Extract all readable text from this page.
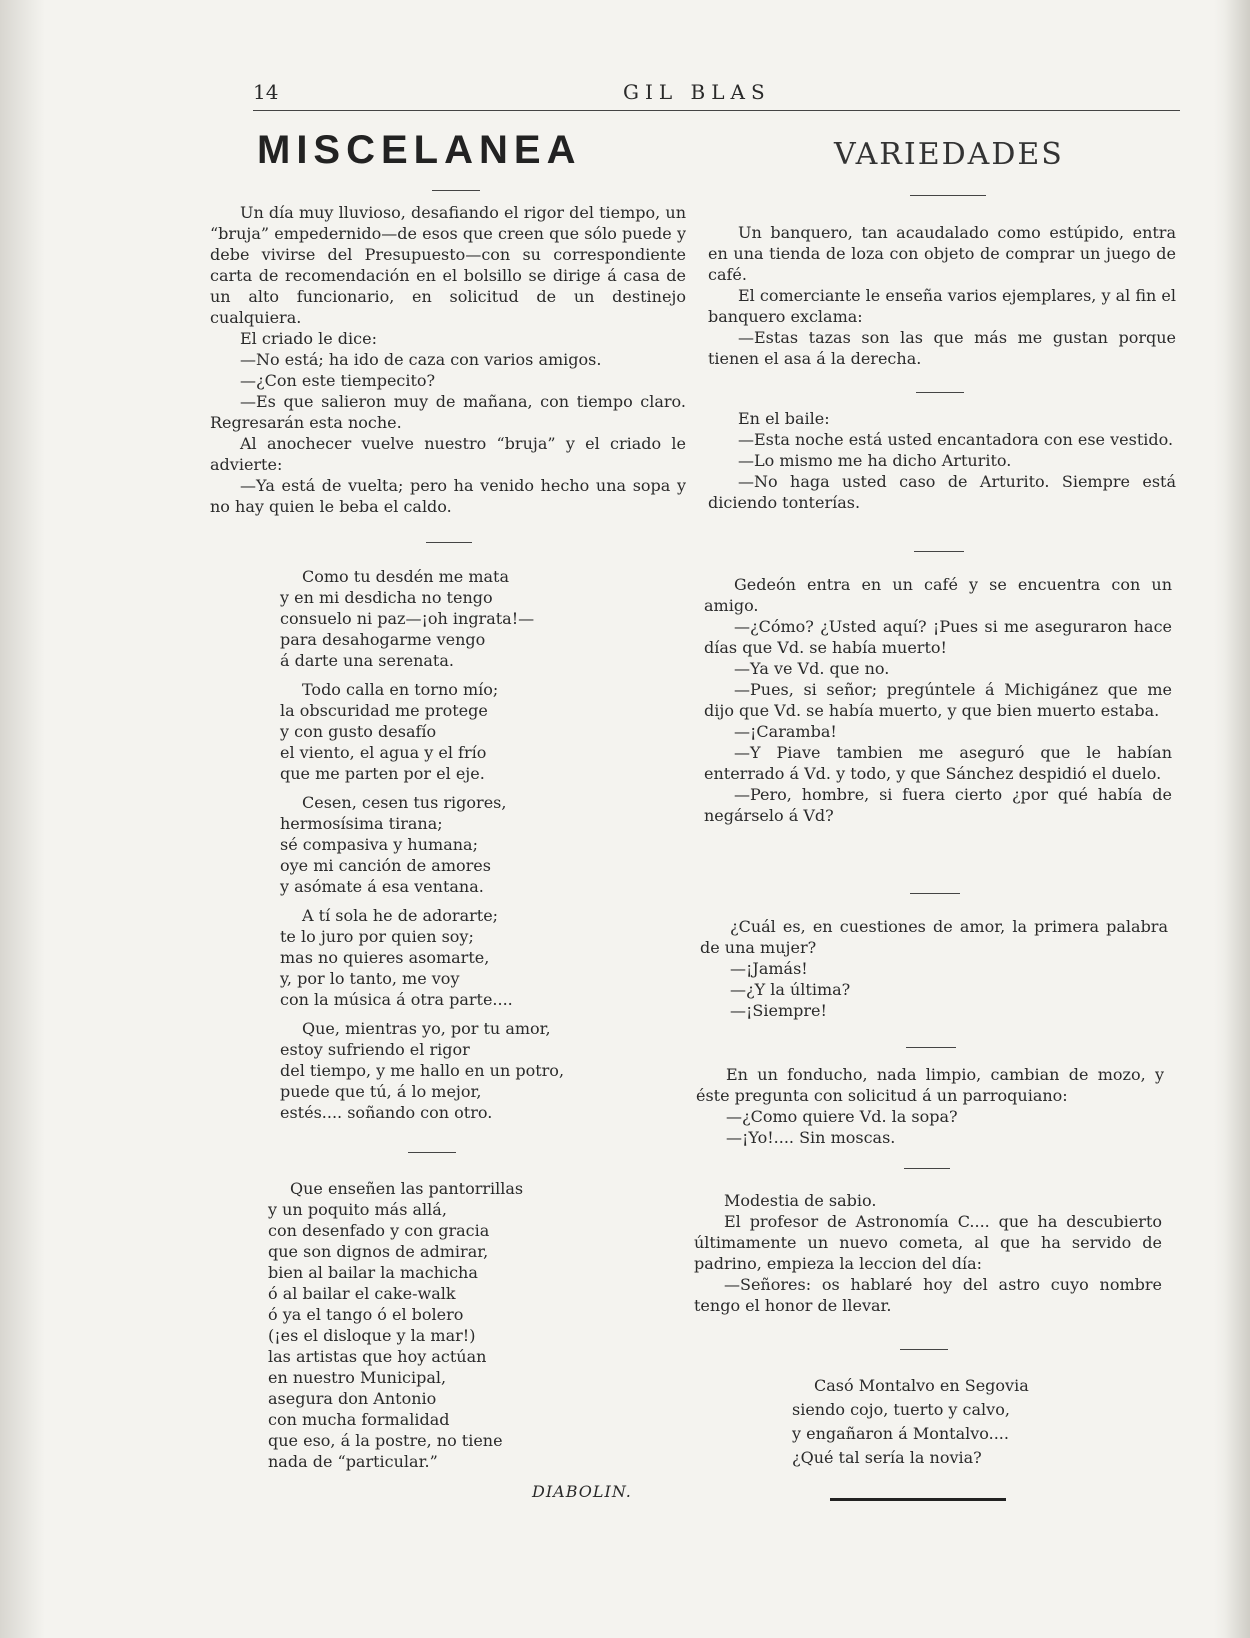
14	GIL BLAS
MISCELANEA

Un día muy lluvioso, desafiando el rigor del tiempo, un “bruja” empedernido—de esos que creen que sólo puede y debe vivirse del Presupuesto—con su correspondiente carta de recomendación en el bolsillo se dirige á casa de un alto funcionario, en solicitud de un destinejo cualquiera.

El criado le dice:

—No está; ha ido de caza con varios amigos.

—¿Con este tiempecito?

—Es que salieron muy de mañana, con tiempo claro. Regresarán esta noche.

Al anochecer vuelve nuestro “bruja” y el criado le advierte:

—Ya está de vuelta; pero ha venido hecho una sopa y no hay quien le beba el caldo.

Como tu desdén me mata
y en mi desdicha no tengo
consuelo ni paz—¡oh ingrata!—
para desahogarme vengo
á darte una serenata.
Todo calla en torno mío;
la obscuridad me protege
y con gusto desafío
el viento, el agua y el frío
que me parten por el eje.
Cesen, cesen tus rigores,
hermosísima tirana;
sé compasiva y humana;
oye mi canción de amores
y asómate á esa ventana.
A tí sola he de adorarte;
te lo juro por quien soy;
mas no quieres asomarte,
y, por lo tanto, me voy
con la música á otra parte....
Que, mientras yo, por tu amor,
estoy sufriendo el rigor
del tiempo, y me hallo en un potro,
puede que tú, á lo mejor,
estés.... soñando con otro.
Que enseñen las pantorrillas
y un poquito más allá,
con desenfado y con gracia
que son dignos de admirar,
bien al bailar la machicha
ó al bailar el cake-walk
ó ya el tango ó el bolero
(¡es el disloque y la mar!)
las artistas que hoy actúan
en nuestro Municipal,
asegura don Antonio
con mucha formalidad
que eso, á la postre, no tiene
nada de “particular.”
DIABOLIN.
VARIEDADES

Un banquero, tan acaudalado como estúpido, entra en una tienda de loza con objeto de comprar un juego de café.

El comerciante le enseña varios ejemplares, y al fin el banquero exclama:

—Estas tazas son las que más me gustan porque tienen el asa á la derecha.

En el baile:

—Esta noche está usted encantadora con ese vestido.

—Lo mismo me ha dicho Arturito.

—No haga usted caso de Arturito. Siempre está diciendo tonterías.

Gedeón entra en un café y se encuentra con un amigo.

—¿Cómo? ¿Usted aquí? ¡Pues si me aseguraron hace días que Vd. se había muerto!

—Ya ve Vd. que no.

—Pues, si señor; pregúntele á Michigánez que me dijo que Vd. se había muerto, y que bien muerto estaba.

—¡Caramba!

—Y Piave tambien me aseguró que le habían enterrado á Vd. y todo, y que Sánchez despidió el duelo.

—Pero, hombre, si fuera cierto ¿por qué había de negárselo á Vd?

¿Cuál es, en cuestiones de amor, la primera palabra de una mujer?

—¡Jamás!

—¿Y la última?

—¡Siempre!

En un fonducho, nada limpio, cambian de mozo, y éste pregunta con solicitud á un parroquiano:

—¿Como quiere Vd. la sopa?

—¡Yo!.... Sin moscas.

Modestia de sabio.

El profesor de Astronomía C.... que ha descubierto últimamente un nuevo cometa, al que ha servido de padrino, empieza la leccion del día:

—Señores: os hablaré hoy del astro cuyo nombre tengo el honor de llevar.

Casó Montalvo en Segovia
siendo cojo, tuerto y calvo,
y engañaron á Montalvo....
¿Qué tal sería la novia?
